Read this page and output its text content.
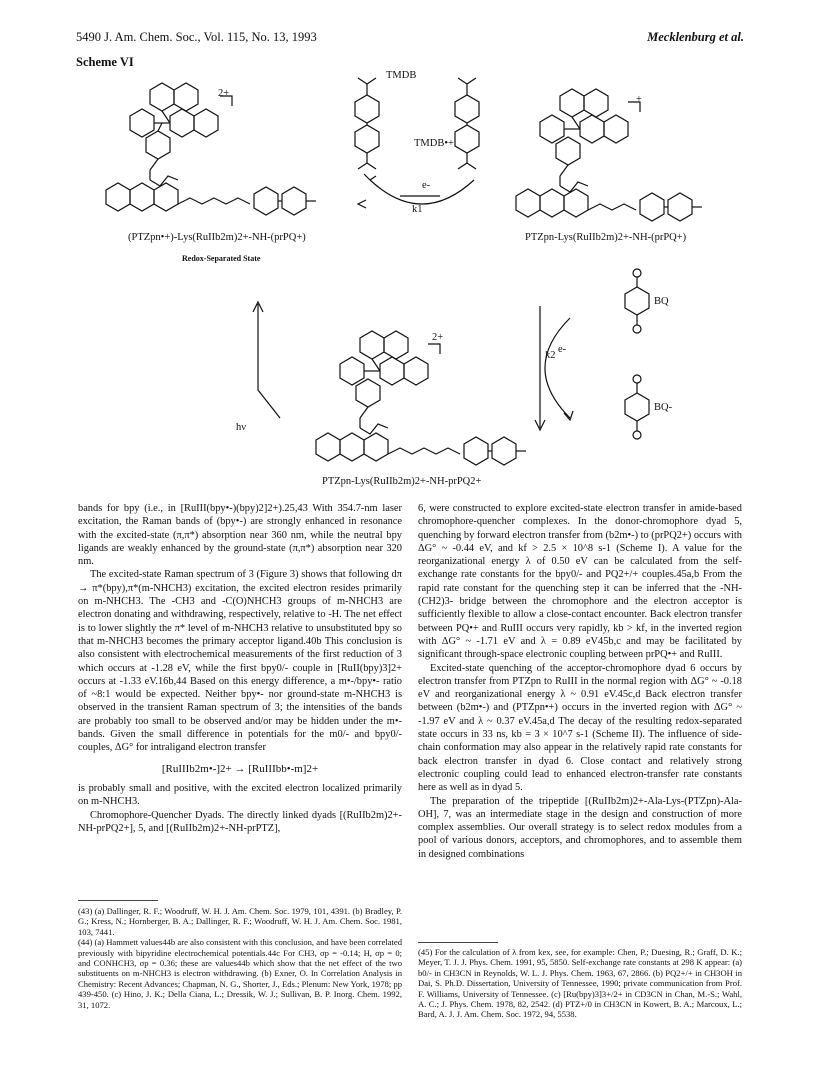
5490 J. Am. Chem. Soc., Vol. 115, No. 13, 1993	Mecklenburg et al.
Scheme VI
2+
TMDB
TMDB•+
e-
k1
+
(PTZpn•+)-Lys(RuIIb2m)2+-NH-(prPQ+)
Redox-Separated State
PTZpn-Lys(RuIIb2m)2+-NH-(prPQ+)
BQ
BQ-
e-
k2
hν
2+
PTZpn-Lys(RuIIb2m)2+-NH-prPQ2+

bands for bpy (i.e., in [RuIII(bpy•-)(bpy)2]2+).25,43 With 354.7-nm laser excitation, the Raman bands of (bpy•-) are strongly enhanced in resonance with the excited-state (π,π*) absorption near 360 nm, while the neutral bpy ligands are weakly enhanced by the ground-state (π,π*) absorption near 320 nm.

The excited-state Raman spectrum of 3 (Figure 3) shows that following dπ → π*(bpy),π*(m-NHCH3) excitation, the excited electron resides primarily on m-NHCH3. The -CH3 and -C(O)NHCH3 groups of m-NHCH3 are electron donating and withdrawing, respectively, relative to -H. The net effect is to lower slightly the π* level of m-NHCH3 relative to unsubstituted bpy so that m-NHCH3 becomes the primary acceptor ligand.40b This conclusion is also consistent with electrochemical measurements of the first reduction of 3 which occurs at -1.28 eV, while the first bpy0/- couple in [RuII(bpy)3]2+ occurs at -1.33 eV.16b,44 Based on this energy difference, a m•-/bpy•- ratio of ~8:1 would be expected. Neither bpy•- nor ground-state m-NHCH3 is observed in the transient Raman spectrum of 3; the intensities of the bands are probably too small to be observed and/or may be hidden under the m•- bands. Given the small difference in potentials for the m0/- and bpy0/- couples, ΔG° for intraligand electron transfer

[RuIIIb2m•-]2+ → [RuIIIbb•-m]2+

is probably small and positive, with the excited electron localized primarily on m-NHCH3.

Chromophore-Quencher Dyads. The directly linked dyads [(RuIIb2m)2+-NH-prPQ2+], 5, and [(RuIIb2m)2+-NH-prPTZ],

6, were constructed to explore excited-state electron transfer in amide-based chromophore-quencher complexes. In the donor-chromophore dyad 5, quenching by forward electron transfer from (b2m•-) to (prPQ2+) occurs with ΔG° ~ -0.44 eV, and kf > 2.5 × 10^8 s-1 (Scheme I). A value for the reorganizational energy λ of 0.50 eV can be calculated from the self-exchange rate constants for the bpy0/- and PQ2+/+ couples.45a,b From the rapid rate constant for the quenching step it can be inferred that the -NH-(CH2)3- bridge between the chromophore and the electron acceptor is sufficiently flexible to allow a close-contact encounter. Back electron transfer between PQ•+ and RuIII occurs very rapidly, kb > kf, in the inverted region with ΔG° ~ -1.71 eV and λ = 0.89 eV45b,c and may be facilitated by significant through-space electronic coupling between prPQ•+ and RuIII.

Excited-state quenching of the acceptor-chromophore dyad 6 occurs by electron transfer from PTZpn to RuIII in the normal region with ΔG° ~ -0.18 eV and reorganizational energy λ ~ 0.91 eV.45c,d Back electron transfer between (b2m•-) and (PTZpn•+) occurs in the inverted region with ΔG° ~ -1.97 eV and λ ~ 0.37 eV.45a,d The decay of the resulting redox-separated state occurs in 33 ns, kb = 3 × 10^7 s-1 (Scheme II). The influence of side-chain conformation may also appear in the relatively rapid rate constants for back electron transfer in dyad 6. Close contact and relatively strong electronic coupling could lead to enhanced electron-transfer rate constants here as well as in dyad 5.

The preparation of the tripeptide [(RuIIb2m)2+-Ala-Lys-(PTZpn)-Ala-OH], 7, was an intermediate stage in the design and construction of more complex assemblies. Our overall strategy is to select redox modules from a pool of various donors, acceptors, and chromophores, and to assemble them in designed combinations

(43) (a) Dallinger, R. F.; Woodruff, W. H. J. Am. Chem. Soc. 1979, 101, 4391. (b) Bradley, P. G.; Kress, N.; Hornberger, B. A.; Dallinger, R. F.; Woodruff, W. H. J. Am. Chem. Soc. 1981, 103, 7441.
(44) (a) Hammett values44b are also consistent with this conclusion, and have been correlated previously with bipyridine electrochemical potentials.44c For CH3, σp = -0.14; H, σp = 0; and CONHCH3, σp = 0.36; these are values44b which show that the net effect of the two substituents on m-NHCH3 is electron withdrawing. (b) Exner, O. In Correlation Analysis in Chemistry: Recent Advances; Chapman, N. G., Shorter, J., Eds.; Plenum: New York, 1978; pp 439-450. (c) Hino, J. K.; Della Ciana, L.; Dressik, W. J.; Sullivan, B. P. Inorg. Chem. 1992, 31, 1072.
(45) For the calculation of λ from kex, see, for example: Chen, P.; Duesing, R.; Graff, D. K.; Meyer, T. J. J. Phys. Chem. 1991, 95, 5850. Self-exchange rate constants at 298 K appear: (a) b0/- in CH3CN in Reynolds, W. L. J. Phys. Chem. 1963, 67, 2866. (b) PQ2+/+ in CH3OH in Dai, S. Ph.D. Dissertation, University of Tennessee, 1990; private communication from Prof. F. Williams, University of Tennessee. (c) [Ru(bpy)3]3+/2+ in CD3CN in Chan, M.-S.; Wahl, A. C.; J. Phys. Chem. 1978, 82, 2542. (d) PTZ+/0 in CH3CN in Kowert, B. A.; Marcoux, L.; Bard, A. J. J. Am. Chem. Soc. 1972, 94, 5538.
